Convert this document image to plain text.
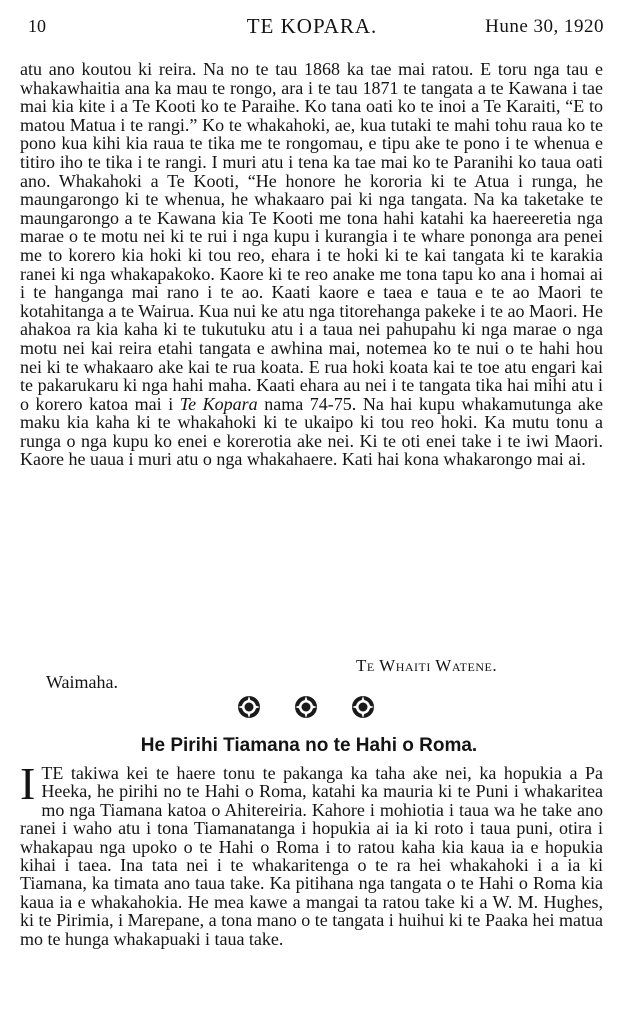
10	TE KOPARA.	Hune 30, 1920

atu ano koutou ki reira. Na no te tau 1868 ka tae mai ratou. E toru nga tau e whakawhaitia ana ka mau te rongo, ara i te tau 1871 te tangata a te Kawana i tae mai kia kite i a Te Kooti ko te Paraihe. Ko tana oati ko te inoi a Te Karaiti, “E to matou Matua i te rangi.” Ko te whakahoki, ae, kua tutaki te mahi tohu raua ko te pono kua kihi kia raua te tika me te rongomau, e tipu ake te pono i te whenua e titiro iho te tika i te rangi. I muri atu i tena ka tae mai ko te Paranihi ko taua oati ano. Whakahoki a Te Kooti, “He honore he kororia ki te Atua i runga, he maungarongo ki te whenua, he whakaaro pai ki nga tangata. Na ka taketake te maungarongo a te Kawana kia Te Kooti me tona hahi katahi ka haereeretia nga marae o te motu nei ki te rui i nga kupu i kurangia i te whare pononga ara penei me to korero kia hoki ki tou reo, ehara i te hoki ki te kai tangata ki te karakia ranei ki nga whakapakoko. Kaore ki te reo anake me tona tapu ko ana i homai ai i te hanganga mai rano i te ao. Kaati kaore e taea e taua e te ao Maori te kotahitanga a te Wairua. Kua nui ke atu nga titorehanga pakeke i te ao Maori. He ahakoa ra kia kaha ki te tukutuku atu i a taua nei pahupahu ki nga marae o nga motu nei kai reira etahi tangata e awhina mai, notemea ko te nui o te hahi hou nei ki te whakaaro ake kai te rua koata. E rua hoki koata kai te toe atu engari kai te pakarukaru ki nga hahi maha. Kaati ehara au nei i te tangata tika hai mihi atu i o korero katoa mai i Te Kopara nama 74-75. Na hai kupu whakamutunga ake maku kia kaha ki te whakahoki ki te ukaipo ki tou reo hoki. Ka mutu tonu a runga o nga kupu ko enei e korerotia ake nei. Ki te oti enei take i te iwi Maori. Kaore he uaua i muri atu o nga whakahaere. Kati hai kona whakarongo mai ai.

Te Whaiti Watene.
Waimaha.
He Pirihi Tiamana no te Hahi o Roma.

ITE takiwa kei te haere tonu te pakanga ka taha ake nei, ka hopukia a Pa Heeka, he pirihi no te Hahi o Roma, katahi ka mauria ki te Puni i whakaritea mo nga Tiamana katoa o Ahitereiria. Kahore i mohiotia i taua wa he take ano ranei i waho atu i tona Tiamanatanga i hopukia ai ia ki roto i taua puni, otira i whakapau nga upoko o te Hahi o Roma i to ratou kaha kia kaua ia e hopukia kihai i taea. Ina tata nei i te whakaritenga o te ra hei whakahoki i a ia ki Tiamana, ka timata ano taua take. Ka pitihana nga tangata o te Hahi o Roma kia kaua ia e whakahokia. He mea kawe a mangai ta ratou take ki a W. M. Hughes, ki te Pirimia, i Marepane, a tona mano o te tangata i huihui ki te Paaka hei matua mo te hunga whakapuaki i taua take.
